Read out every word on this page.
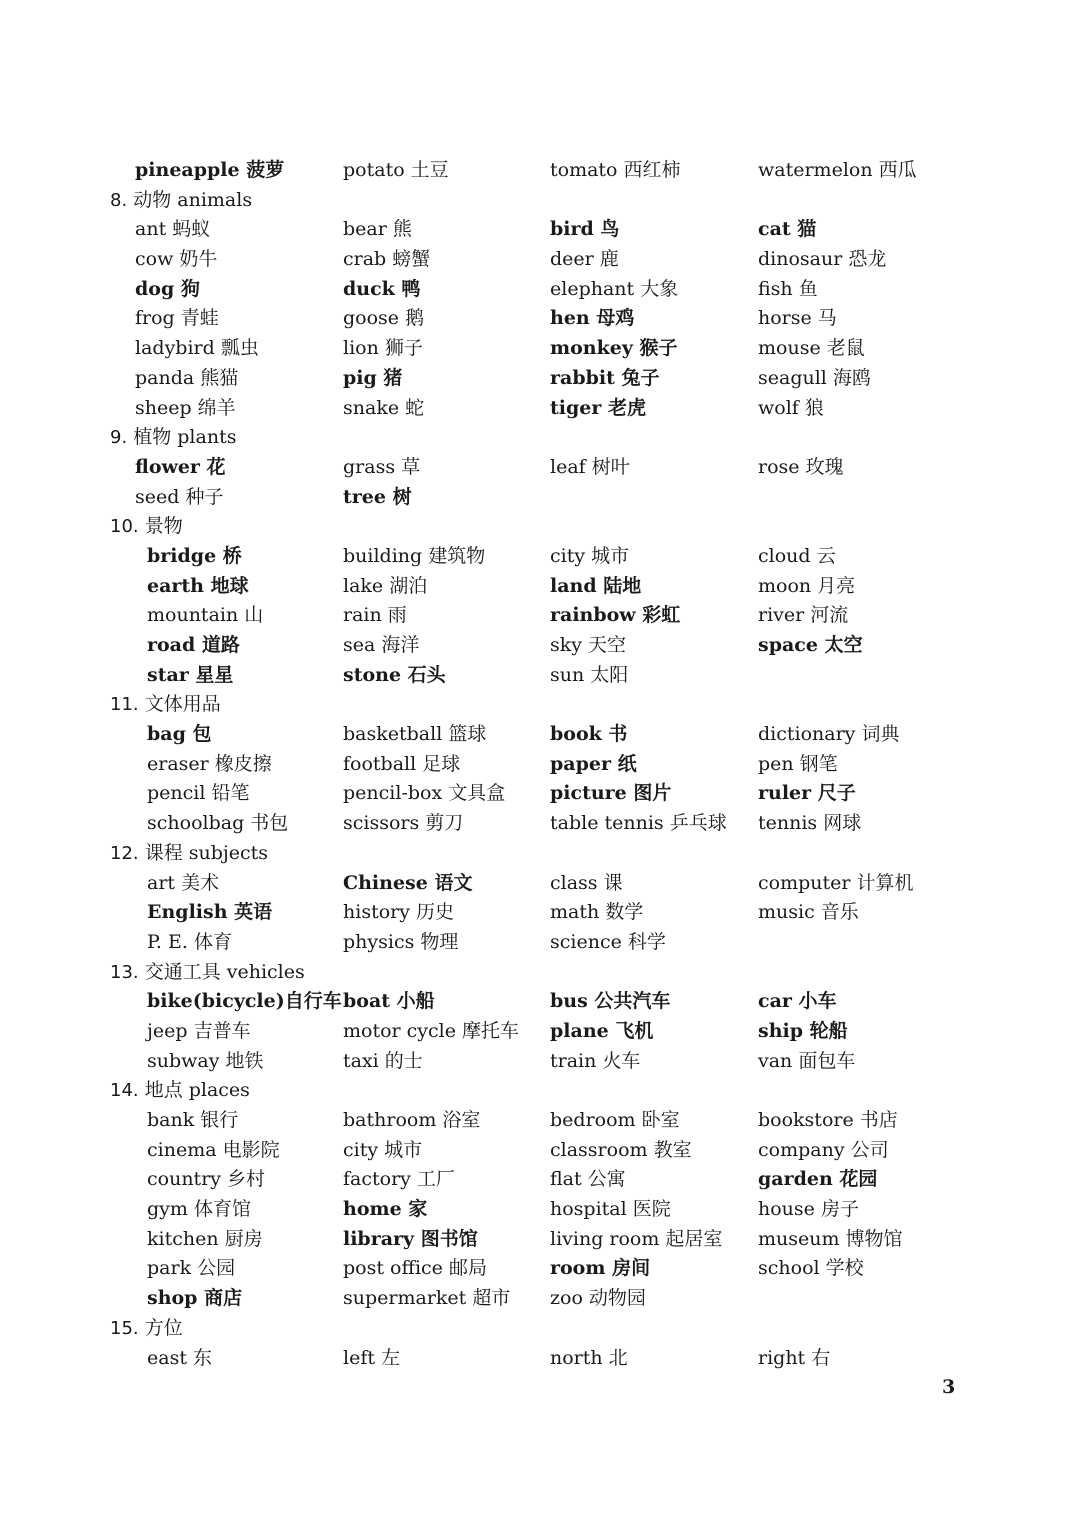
pineapple 菠萝	potato 土豆	tomato 西红柿	watermelon 西瓜
8. 动物 animals
ant 蚂蚁	bear 熊	bird 鸟	cat 猫
cow 奶牛	crab 螃蟹	deer 鹿	dinosaur 恐龙
dog 狗	duck 鸭	elephant 大象	fish 鱼
frog 青蛙	goose 鹅	hen 母鸡	horse 马
ladybird 瓢虫	lion 狮子	monkey 猴子	mouse 老鼠
panda 熊猫	pig 猪	rabbit 兔子	seagull 海鸥
sheep 绵羊	snake 蛇	tiger 老虎	wolf 狼
9. 植物 plants
flower 花	grass 草	leaf 树叶	rose 玫瑰
seed 种子	tree 树
10. 景物
bridge 桥	building 建筑物	city 城市	cloud 云
earth 地球	lake 湖泊	land 陆地	moon 月亮
mountain 山	rain 雨	rainbow 彩虹	river 河流
road 道路	sea 海洋	sky 天空	space 太空
star 星星	stone 石头	sun 太阳
11. 文体用品
bag 包	basketball 篮球	book 书	dictionary 词典
eraser 橡皮擦	football 足球	paper 纸	pen 钢笔
pencil 铅笔	pencil-box 文具盒 picture 图片	ruler 尺子
schoolbag 书包	scissors 剪刀	table tennis 乒乓球 tennis 网球
12. 课程 subjects
art 美术	Chinese 语文	class 课	computer 计算机
English 英语	history 历史	math 数学	music 音乐
P. E. 体育	physics 物理	science 科学
13. 交通工具 vehicles
bike(bicycle)自行车 boat 小船	bus 公共汽车	car 小车
jeep 吉普车	motor cycle 摩托车 plane 飞机	ship 轮船
subway 地铁	taxi 的士	train 火车	van 面包车
14. 地点 places
bank 银行	bathroom 浴室	bedroom 卧室	bookstore 书店
cinema 电影院	city 城市	classroom 教室	company 公司
country 乡村	factory 工厂	flat 公寓	garden 花园
gym 体育馆	home 家	hospital 医院	house 房子
kitchen 厨房	library 图书馆	living room 起居室 museum 博物馆
park 公园	post office 邮局	room 房间	school 学校
shop 商店	supermarket 超市 zoo 动物园
15. 方位
east 东	left 左	north 北	right 右
3
